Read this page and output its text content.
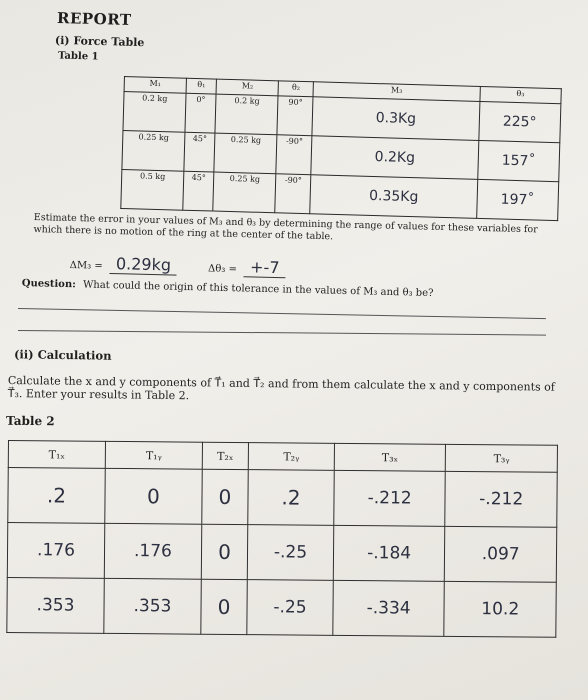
REPORT
(i) Force Table
Table 1
M₁	θ₁	M₂	θ₂	M₃	θ₃
0.2 kg	0°	0.2 kg	90°	0.3Kg	225°
0.25 kg	45°	0.25 kg	-90°	0.2Kg	157˚
0.5 kg	45°	0.25 kg	-90°	0.35Kg	197˚
Estimate the error in your values of M₃ and θ₃ by determining the range of values for these variables for which there is no motion of the ring at the center of the table.
ΔM₃ = 0.29kg	Δθ₃ = +-7
Question: What could the origin of this tolerance in the values of M₃ and θ₃ be?
(ii) Calculation
Calculate the x and y components of T⃗₁ and T⃗₂ and from them calculate the x and y components of T⃗₃. Enter your results in Table 2.
Table 2
T₁ₓ	T₁ᵧ	T₂ₓ	T₂ᵧ	T₃ₓ	T₃ᵧ
.2	0	0	.2	-.212	-.212
.176	.176	0	-.25	-.184	.097
.353	.353	0	-.25	-.334	10.2
